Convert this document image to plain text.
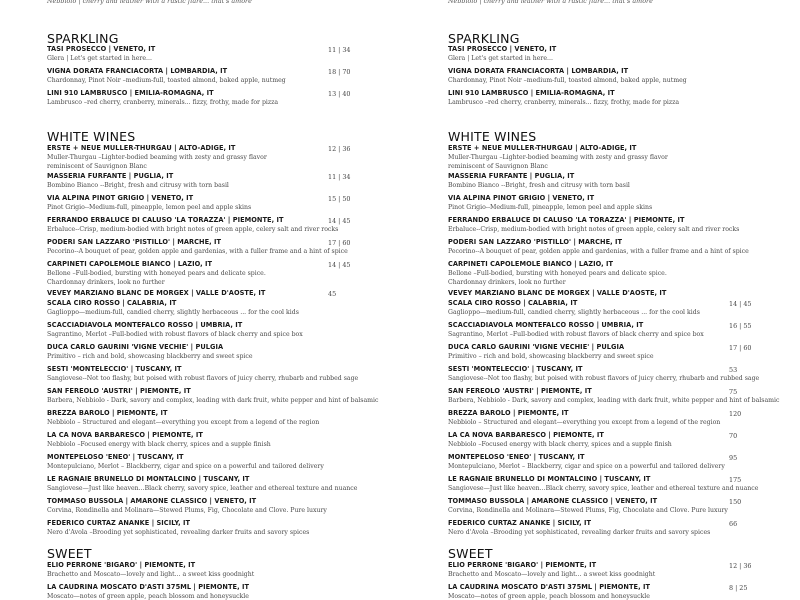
Nebbiolo | cherry and leather with a rustic flare... that's amore
SPARKLING
TASI PROSECCO | VENETO, IT
Glera | Let's get started in here...
11 | 34
VIGNA DORATA FRANCIACORTA | LOMBARDIA, IT
Chardonnay, Pinot Noir –medium-full, toasted almond, baked apple, nutmeg
18 | 70
LINI 910 LAMBRUSCO | EMILIA-ROMAGNA, IT
Lambrusco –red cherry, cranberry, minerals... fizzy, frothy, made for pizza
13 | 40
WHITE WINES
ERSTE + NEUE MULLER-THURGAU | ALTO-ADIGE, IT
Muller-Thurgau –Lighter-bodied beaming with zesty and grassy flavor
reminiscent of Sauvignon Blanc
12 | 36
MASSERIA FURFANTE | PUGLIA, IT
Bombino Bianco --Bright, fresh and citrusy with torn basil
11 | 34
VIA ALPINA PINOT GRIGIO | VENETO, IT
Pinot Grigio--Medium-full, pineapple, lemon peel and apple skins
15 | 50
FERRANDO ERBALUCE DI CALUSO 'LA TORAZZA' | PIEMONTE, IT
Erbaluce--Crisp, medium-bodied with bright notes of green apple, celery salt and river rocks
14 | 45
PODERI SAN LAZZARO 'PISTILLO' | MARCHE, IT
Pecorino--A bouquet of pear, golden apple and gardenias, with a fuller frame and a hint of spice
17 | 60
CARPINETI CAPOLEMOLE BIANCO | LAZIO, IT
Bellone –Full-bodied, bursting with honeyed pears and delicate spice.
Chardonnay drinkers, look no further
14 | 45
VEVEY MARZIANO BLANC DE MORGEX | VALLE D'AOSTE, IT	45
SCALA CIRO ROSSO | CALABRIA, IT
Gaglioppo—medium-full, candied cherry, slightly herbaceous ... for the cool kids
SCACCIADIAVOLA MONTEFALCO ROSSO | UMBRIA, IT
Sagrantino, Merlot –Full-bodied with robust flavors of black cherry and spice box
DUCA CARLO GAURINI 'VIGNE VECHIE' | PULGIA
Primitivo – rich and bold, showcasing blackberry and sweet spice
SESTI 'MONTELECCIO' | TUSCANY, IT
Sangiovese--Not too flashy, but poised with robust flavors of juicy cherry, rhubarb and rubbed sage
SAN FEREOLO 'AUSTRI' | PIEMONTE, IT
Barbera, Nebbiolo - Dark, savory and complex, leading with dark fruit, white pepper and hint of balsamic
BREZZA BAROLO | PIEMONTE, IT
Nebbiolo – Structured and elegant—everything you except from a legend of the region
LA CA NOVA BARBARESCO | PIEMONTE, IT
Nebbiolo –Focused energy with black cherry, spices and a supple finish
MONTEPELOSO 'ENEO' | TUSCANY, IT
Montepulciano, Merlot – Blackberry, cigar and spice on a powerful and tailored delivery
LE RAGNAIE BRUNELLO DI MONTALCINO | TUSCANY, IT
Sangiovese—Just like heaven...Black cherry, savory spice, leather and ethereal texture and nuance
TOMMASO BUSSOLA | AMARONE CLASSICO | VENETO, IT
Corvina, Rondinella and Molinara—Stewed Plums, Fig, Chocolate and Clove. Pure luxury
FEDERICO CURTAZ ANANKE | SICILY, IT
Nero d'Avola –Brooding yet sophisticated, revealing darker fruits and savory spices
SWEET
ELIO PERRONE 'BIGARO' | PIEMONTE, IT
Brachetto and Moscato—lovely and light... a sweet kiss goodnight
LA CAUDRINA MOSCATO D'ASTI 375ML | PIEMONTE, IT
Moscato—notes of green apple, peach blossom and honeysuckle
Nebbiolo | cherry and leather with a rustic flare... that's amore
SPARKLING
TASI PROSECCO | VENETO, IT
Glera | Let's get started in here...
VIGNA DORATA FRANCIACORTA | LOMBARDIA, IT
Chardonnay, Pinot Noir –medium-full, toasted almond, baked apple, nutmeg
LINI 910 LAMBRUSCO | EMILIA-ROMAGNA, IT
Lambrusco –red cherry, cranberry, minerals... fizzy, frothy, made for pizza
WHITE WINES
ERSTE + NEUE MULLER-THURGAU | ALTO-ADIGE, IT
Muller-Thurgau –Lighter-bodied beaming with zesty and grassy flavor
reminiscent of Sauvignon Blanc
MASSERIA FURFANTE | PUGLIA, IT
Bombino Bianco --Bright, fresh and citrusy with torn basil
VIA ALPINA PINOT GRIGIO | VENETO, IT
Pinot Grigio--Medium-full, pineapple, lemon peel and apple skins
FERRANDO ERBALUCE DI CALUSO 'LA TORAZZA' | PIEMONTE, IT
Erbaluce--Crisp, medium-bodied with bright notes of green apple, celery salt and river rocks
PODERI SAN LAZZARO 'PISTILLO' | MARCHE, IT
Pecorino--A bouquet of pear, golden apple and gardenias, with a fuller frame and a hint of spice
CARPINETI CAPOLEMOLE BIANCO | LAZIO, IT
Bellone –Full-bodied, bursting with honeyed pears and delicate spice.
Chardonnay drinkers, look no further
VEVEY MARZIANO BLANC DE MORGEX | VALLE D'AOSTE, IT
SCALA CIRO ROSSO | CALABRIA, IT
Gaglioppo—medium-full, candied cherry, slightly herbaceous ... for the cool kids
14 | 45
SCACCIADIAVOLA MONTEFALCO ROSSO | UMBRIA, IT
Sagrantino, Merlot –Full-bodied with robust flavors of black cherry and spice box
16 | 55
DUCA CARLO GAURINI 'VIGNE VECHIE' | PULGIA
Primitivo – rich and bold, showcasing blackberry and sweet spice
17 | 60
SESTI 'MONTELECCIO' | TUSCANY, IT
Sangiovese--Not too flashy, but poised with robust flavors of juicy cherry, rhubarb and rubbed sage
53
SAN FEREOLO 'AUSTRI' | PIEMONTE, IT
Barbera, Nebbiolo - Dark, savory and complex, leading with dark fruit, white pepper and hint of balsamic
75
BREZZA BAROLO | PIEMONTE, IT
Nebbiolo – Structured and elegant—everything you except from a legend of the region
120
LA CA NOVA BARBARESCO | PIEMONTE, IT
Nebbiolo –Focused energy with black cherry, spices and a supple finish
70
MONTEPELOSO 'ENEO' | TUSCANY, IT
Montepulciano, Merlot – Blackberry, cigar and spice on a powerful and tailored delivery
95
LE RAGNAIE BRUNELLO DI MONTALCINO | TUSCANY, IT
Sangiovese—Just like heaven...Black cherry, savory spice, leather and ethereal texture and nuance
175
TOMMASO BUSSOLA | AMARONE CLASSICO | VENETO, IT
Corvina, Rondinella and Molinara—Stewed Plums, Fig, Chocolate and Clove. Pure luxury
150
FEDERICO CURTAZ ANANKE | SICILY, IT
Nero d'Avola –Brooding yet sophisticated, revealing darker fruits and savory spices
66
SWEET
ELIO PERRONE 'BIGARO' | PIEMONTE, IT
Brachetto and Moscato—lovely and light... a sweet kiss goodnight
12 | 36
LA CAUDRINA MOSCATO D'ASTI 375ML | PIEMONTE, IT
Moscato—notes of green apple, peach blossom and honeysuckle
8 | 25
